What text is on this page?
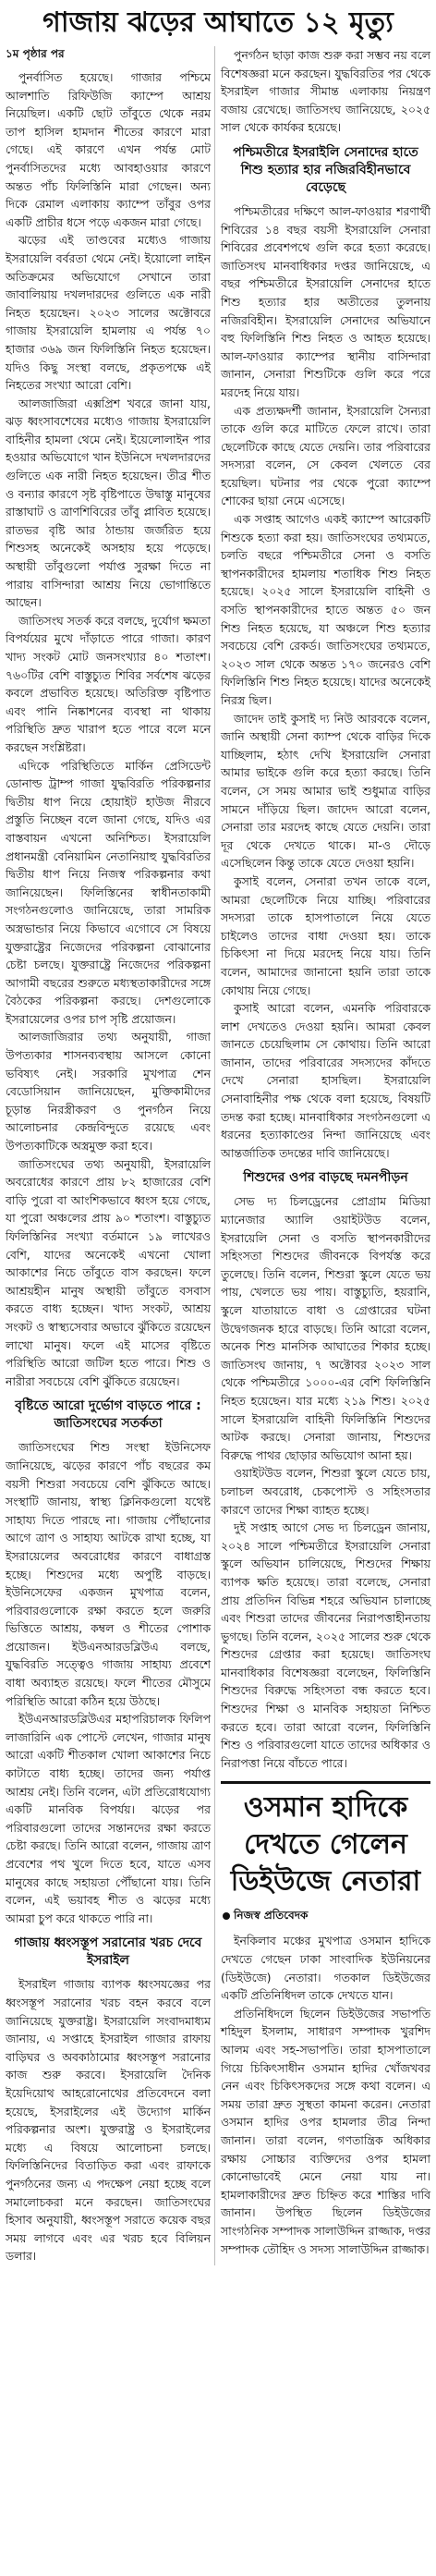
গাজায় ঝড়ের আঘাতে ১২ মৃত্যু
১ম পৃষ্ঠার পর

পুনর্বাসিত হয়েছে। গাজার পশ্চিমে আলশাতি রিফিউজি ক্যাম্পে আশ্রয় নিয়েছিল। একটি ছোট তাঁবুতে থেকে নরম তাপ হাসিল হামদান শীতের কারণে মারা গেছে। এই কারণে এখন পর্যন্ত মোট পুনর্বাসিতদের মধ্যে আবহাওয়ার কারণে অন্তত পাঁচ ফিলিস্তিনি মারা গেছেন। অন্য দিকে রেমাল এলাকায় ক্যাম্পে তাঁবুর ওপর একটি প্রাচীর ধসে পড়ে একজন মারা গেছে।

ঝড়ের এই তাণ্ডবের মধ্যেও গাজায় ইসরায়েলি বর্বরতা থেমে নেই। ইয়োলো লাইন অতিক্রমের অভিযোগে সেখানে তারা জাবালিয়ায় দখলদারদের গুলিতে এক নারী নিহত হয়েছেন। ২০২৩ সালের অক্টোবরে গাজায় ইসরায়েলি হামলায় এ পর্যন্ত ৭০ হাজার ৩৬৯ জন ফিলিস্তিনি নিহত হয়েছেন। যদিও কিছু সংস্থা বলছে, প্রকৃতপক্ষে এই নিহতের সংখ্যা আরো বেশি।

আলজাজিরা এক্সপ্রিশ খবরে জানা যায়, ঝড় ধ্বংসাবশেষের মধ্যেও গাজায় ইসরায়েলি বাহিনীর হামলা থেমে নেই। ইয়েলোলাইন পার হওয়ার অভিযোগে খান ইউনিসে দখলদারদের গুলিতে এক নারী নিহত হয়েছেন। তীব্র শীত ও বন্যার কারণে সৃষ্ট বৃষ্টিপাতে উদ্বাস্তু মানুষের রাস্তাঘাট ও ত্রাণশিবিরের তাঁবু প্লাবিত হয়েছে। রাতভর বৃষ্টি আর ঠান্ডায় জর্জরিত হয়ে শিশুসহ অনেকেই অসহায় হয়ে পড়েছে। অস্থায়ী তাঁবুগুলো পর্যাপ্ত সুরক্ষা দিতে না পারায় বাসিন্দারা আশ্রয় নিয়ে ভোগান্তিতে আছেন।

জাতিসংঘ সতর্ক করে বলছে, দুর্যোগ ক্ষমতা বিপর্যয়ের মুখে দাঁড়াতে পারে গাজা। কারণ খাদ্য সংকট মোট জনসংখ্যার ৪০ শতাংশ। ৭৬০টির বেশি বাস্তুচ্যুত শিবির সর্বশেষ ঝড়ের কবলে প্রভাবিত হয়েছে। অতিরিক্ত বৃষ্টিপাত এবং পানি নিষ্কাশনের ব্যবস্থা না থাকায় পরিস্থিতি দ্রুত খারাপ হতে পারে বলে মনে করছেন সংশ্লিষ্টরা।

এদিকে পরিস্থিতিতে মার্কিন প্রেসিডেন্ট ডোনাল্ড ট্রাম্প গাজা যুদ্ধবিরতি পরিকল্পনার দ্বিতীয় ধাপ নিয়ে হোয়াইট হাউজ নীরবে প্রস্তুতি নিচ্ছেন বলে জানা গেছে, যদিও এর বাস্তবায়ন এখনো অনিশ্চিত। ইসরায়েলি প্রধানমন্ত্রী বেনিয়ামিন নেতানিয়াহু যুদ্ধবিরতির দ্বিতীয় ধাপ নিয়ে নিজস্ব পরিকল্পনার কথা জানিয়েছেন। ফিলিস্তিনের স্বাধীনতাকামী সংগঠনগুলোও জানিয়েছে, তারা সামরিক অস্ত্রভান্ডার নিয়ে কিভাবে এগোবে সে বিষয়ে যুক্তরাষ্ট্রের নিজেদের পরিকল্পনা বোঝানোর চেষ্টা চলছে। যুক্তরাষ্ট্রে নিজেদের পরিকল্পনা আগামী বছরের শুরুতে মধ্যস্থতাকারীদের সঙ্গে বৈঠকের পরিকল্পনা করছে। দেশগুলোকে ইসরায়েলের ওপর চাপ সৃষ্টি প্রয়োজন।

আলজাজিরার তথ্য অনুযায়ী, গাজা উপত্যকার শাসনব্যবস্থায় আসলে কোনো ভবিষ্যৎ নেই। সরকারি মুখপাত্র শেন বেডোসিয়ান জানিয়েছেন, মুক্তিকামীদের চূড়ান্ত নিরস্ত্রীকরণ ও পুনর্গঠন নিয়ে আলোচনার কেন্দ্রবিন্দুতে রয়েছে এবং উপত্যকাটিকে অস্ত্রমুক্ত করা হবে।

জাতিসংঘের তথ্য অনুযায়ী, ইসরায়েলি অবরোধের কারণে প্রায় ৮২ হাজারের বেশি বাড়ি পুরো বা আংশিকভাবে ধ্বংস হয়ে গেছে, যা পুরো অঞ্চলের প্রায় ৯০ শতাংশ। বাস্তুচ্যুত ফিলিস্তিনির সংখ্যা বর্তমানে ১৯ লাখেরও বেশি, যাদের অনেকেই এখনো খোলা আকাশের নিচে তাঁবুতে বাস করছেন। ফলে আশ্রয়হীন মানুষ অস্থায়ী তাঁবুতে বসবাস করতে বাধ্য হচ্ছেন। খাদ্য সংকট, আশ্রয় সংকট ও স্বাস্থ্যসেবার অভাবে ঝুঁকিতে রয়েছেন লাখো মানুষ। ফলে এই মাসের বৃষ্টিতে পরিস্থিতি আরো জটিল হতে পারে। শিশু ও নারীরা সবচেয়ে বেশি ঝুঁকিতে রয়েছেন।

বৃষ্টিতে আরো দুর্ভোগ বাড়তে পারে : জাতিসংঘের সতর্কতা

জাতিসংঘের শিশু সংস্থা ইউনিসেফ জানিয়েছে, ঝড়ের কারণে পাঁচ বছরের কম বয়সী শিশুরা সবচেয়ে বেশি ঝুঁকিতে আছে। সংস্থাটি জানায়, স্বাস্থ্য ক্লিনিকগুলো যথেষ্ট সাহায্য দিতে পারছে না। গাজায় পৌঁছানোর আগে ত্রাণ ও সাহায্য আটকে রাখা হচ্ছে, যা ইসরায়েলের অবরোধের কারণে বাধাগ্রস্ত হচ্ছে। শিশুদের মধ্যে অপুষ্টি বাড়ছে। ইউনিসেফের একজন মুখপাত্র বলেন, পরিবারগুলোকে রক্ষা করতে হলে জরুরি ভিত্তিতে আশ্রয়, কম্বল ও শীতের পোশাক প্রয়োজন। ইউএনআরডব্লিউএ বলছে, যুদ্ধবিরতি সত্ত্বেও গাজায় সাহায্য প্রবেশে বাধা অব্যাহত রয়েছে। ফলে শীতের মৌসুমে পরিস্থিতি আরো কঠিন হয়ে উঠছে।

ইউএনআরডব্লিউএর মহাপরিচালক ফিলিপ লাজারিনি এক পোস্টে লেখেন, গাজার মানুষ আরো একটি শীতকাল খোলা আকাশের নিচে কাটাতে বাধ্য হচ্ছে। তাদের জন্য পর্যাপ্ত আশ্রয় নেই। তিনি বলেন, এটা প্রতিরোধযোগ্য একটি মানবিক বিপর্যয়। ঝড়ের পর পরিবারগুলো তাদের সন্তানদের রক্ষা করতে চেষ্টা করছে। তিনি আরো বলেন, গাজায় ত্রাণ প্রবেশের পথ খুলে দিতে হবে, যাতে এসব মানুষের কাছে সহায়তা পৌঁছানো যায়। তিনি বলেন, এই ভয়াবহ শীত ও ঝড়ের মধ্যে আমরা চুপ করে থাকতে পারি না।

গাজায় ধ্বংসস্তূপ সরানোর খরচ দেবে ইসরাইল

ইসরাইল গাজায় ব্যাপক ধ্বংসযজ্ঞের পর ধ্বংসস্তূপ সরানোর খরচ বহন করবে বলে জানিয়েছে যুক্তরাষ্ট্র। ইসরায়েলি সংবাদমাধ্যম জানায়, এ সপ্তাহে ইসরাইল গাজার রাফায় বাড়িঘর ও অবকাঠামোর ধ্বংসস্তূপ সরানোর কাজ শুরু করবে। ইসরায়েলি দৈনিক ইয়েদিয়োথ আহরোনোথের প্রতিবেদনে বলা হয়েছে, ইসরাইলের এই উদ্যোগ মার্কিন পরিকল্পনার অংশ। যুক্তরাষ্ট্র ও ইসরাইলের মধ্যে এ বিষয়ে আলোচনা চলছে। ফিলিস্তিনিদের বিতাড়িত করা এবং রাফাকে পুনর্গঠনের জন্য এ পদক্ষেপ নেয়া হচ্ছে বলে সমালোচকরা মনে করছেন। জাতিসংঘের হিসাব অনুযায়ী, ধ্বংসস্তূপ সরাতে কয়েক বছর সময় লাগবে এবং এর খরচ হবে বিলিয়ন ডলার।

পুনর্গঠন ছাড়া কাজ শুরু করা সম্ভব নয় বলে বিশেষজ্ঞরা মনে করছেন। যুদ্ধবিরতির পর থেকে ইসরাইল গাজার সীমান্ত এলাকায় নিয়ন্ত্রণ বজায় রেখেছে। জাতিসংঘ জানিয়েছে, ২০২৫ সাল থেকে কার্যকর হয়েছে।

পশ্চিমতীরে ইসরাইলি সেনাদের হাতে শিশু হত্যার হার নজিরবিহীনভাবে বেড়েছে

পশ্চিমতীরের দক্ষিণে আল-ফাওয়ার শরণার্থী শিবিরের ১৪ বছর বয়সী ইসরায়েলি সেনারা শিবিরের প্রবেশপথে গুলি করে হত্যা করেছে। জাতিসংঘ মানবাধিকার দপ্তর জানিয়েছে, এ বছর পশ্চিমতীরে ইসরায়েলি সেনাদের হাতে শিশু হত্যার হার অতীতের তুলনায় নজিরবিহীন। ইসরায়েলি সেনাদের অভিযানে বহু ফিলিস্তিনি শিশু নিহত ও আহত হয়েছে। আল-ফাওয়ার ক্যাম্পের স্থানীয় বাসিন্দারা জানান, সেনারা শিশুটিকে গুলি করে পরে মরদেহ নিয়ে যায়।

এক প্রত্যক্ষদর্শী জানান, ইসরায়েলি সৈন্যরা তাকে গুলি করে মাটিতে ফেলে রাখে। তারা ছেলেটিকে কাছে যেতে দেয়নি। তার পরিবারের সদস্যরা বলেন, সে কেবল খেলতে বের হয়েছিল। ঘটনার পর থেকে পুরো ক্যাম্পে শোকের ছায়া নেমে এসেছে।

এক সপ্তাহ আগেও একই ক্যাম্পে আরেকটি শিশুকে হত্যা করা হয়। জাতিসংঘের তথ্যমতে, চলতি বছরে পশ্চিমতীরে সেনা ও বসতি স্থাপনকারীদের হামলায় শতাধিক শিশু নিহত হয়েছে। ২০২৫ সালে ইসরায়েলি বাহিনী ও বসতি স্থাপনকারীদের হাতে অন্তত ৫০ জন শিশু নিহত হয়েছে, যা অঞ্চলে শিশু হত্যার সবচেয়ে বেশি রেকর্ড। জাতিসংঘের তথ্যমতে, ২০২৩ সাল থেকে অন্তত ১৭০ জনেরও বেশি ফিলিস্তিনি শিশু নিহত হয়েছে। যাদের অনেকেই নিরস্ত্র ছিল।

জাদেদ তাই কুসাই দ্য নিউ আরবকে বলেন, জানি অস্থায়ী সেনা ক্যাম্প থেকে বাড়ির দিকে যাচ্ছিলাম, হঠাৎ দেখি ইসরায়েলি সেনারা আমার ভাইকে গুলি করে হত্যা করছে। তিনি বলেন, সে সময় আমার ভাই শুধুমাত্র বাড়ির সামনে দাঁড়িয়ে ছিল। জাদেদ আরো বলেন, সেনারা তার মরদেহ কাছে যেতে দেয়নি। তারা দূর থেকে দেখতে থাকে। মা-ও দৌড়ে এসেছিলেন কিন্তু তাকে যেতে দেওয়া হয়নি।

কুসাই বলেন, সেনারা তখন তাকে বলে, আমরা ছেলেটিকে নিয়ে যাচ্ছি। পরিবারের সদস্যরা তাকে হাসপাতালে নিয়ে যেতে চাইলেও তাদের বাধা দেওয়া হয়। তাকে চিকিৎসা না দিয়ে মরদেহ নিয়ে যায়। তিনি বলেন, আমাদের জানানো হয়নি তারা তাকে কোথায় নিয়ে গেছে।

কুসাই আরো বলেন, এমনকি পরিবারকে লাশ দেখতেও দেওয়া হয়নি। আমরা কেবল জানতে চেয়েছিলাম সে কোথায়। তিনি আরো জানান, তাদের পরিবারের সদস্যদের কাঁদতে দেখে সেনারা হাসছিল। ইসরায়েলি সেনাবাহিনীর পক্ষ থেকে বলা হয়েছে, বিষয়টি তদন্ত করা হচ্ছে। মানবাধিকার সংগঠনগুলো এ ধরনের হত্যাকাণ্ডের নিন্দা জানিয়েছে এবং আন্তর্জাতিক তদন্তের দাবি জানিয়েছে।

শিশুদের ওপর বাড়ছে দমনপীড়ন

সেভ দ্য চিলড্রেনের প্রোগ্রাম মিডিয়া ম্যানেজার অ্যালি ওয়াইটউড বলেন, ইসরায়েলি সেনা ও বসতি স্থাপনকারীদের সহিংসতা শিশুদের জীবনকে বিপর্যস্ত করে তুলেছে। তিনি বলেন, শিশুরা স্কুলে যেতে ভয় পায়, খেলতে ভয় পায়। বাস্তুচ্যুতি, হয়রানি, স্কুলে যাতায়াতে বাধা ও গ্রেপ্তারের ঘটনা উদ্বেগজনক হারে বাড়ছে। তিনি আরো বলেন, অনেক শিশু মানসিক আঘাতের শিকার হচ্ছে। জাতিসংঘ জানায়, ৭ অক্টোবর ২০২৩ সাল থেকে পশ্চিমতীরে ১০০০-এর বেশি ফিলিস্তিনি নিহত হয়েছেন। যার মধ্যে ২১৯ শিশু। ২০২৫ সালে ইসরায়েলি বাহিনী ফিলিস্তিনি শিশুদের আটক করছে। সেনারা জানায়, শিশুদের বিরুদ্ধে পাথর ছোড়ার অভিযোগ আনা হয়।

ওয়াইটউড বলেন, শিশুরা স্কুলে যেতে চায়, চলাচল অবরোধ, চেকপোস্ট ও সহিংসতার কারণে তাদের শিক্ষা ব্যাহত হচ্ছে।

দুই সপ্তাহ আগে সেভ দ্য চিলড্রেন জানায়, ২০২৪ সালে পশ্চিমতীরে ইসরায়েলি সেনারা স্কুলে অভিযান চালিয়েছে, শিশুদের শিক্ষায় ব্যাপক ক্ষতি হয়েছে। তারা বলেছে, সেনারা প্রায় প্রতিদিন বিভিন্ন শহরে অভিযান চালাচ্ছে এবং শিশুরা তাদের জীবনের নিরাপত্তাহীনতায় ভুগছে। তিনি বলেন, ২০২৫ সালের শুরু থেকে শিশুদের গ্রেপ্তার করা হয়েছে। জাতিসংঘ মানবাধিকার বিশেষজ্ঞরা বলেছেন, ফিলিস্তিনি শিশুদের বিরুদ্ধে সহিংসতা বন্ধ করতে হবে। শিশুদের শিক্ষা ও মানবিক সহায়তা নিশ্চিত করতে হবে। তারা আরো বলেন, ফিলিস্তিনি শিশু ও পরিবারগুলো যাতে তাদের অধিকার ও নিরাপত্তা নিয়ে বাঁচতে পারে।

ওসমান হাদিকে দেখতে গেলেন ডিইউজে নেতারা
নিজস্ব প্রতিবেদক

ইনকিলাব মঞ্চের মুখপাত্র ওসমান হাদিকে দেখতে গেছেন ঢাকা সাংবাদিক ইউনিয়নের (ডিইউজে) নেতারা। গতকাল ডিইউজের একটি প্রতিনিধিদল তাকে দেখতে যান।

প্রতিনিধিদলে ছিলেন ডিইউজের সভাপতি শহিদুল ইসলাম, সাধারণ সম্পাদক খুরশিদ আলম এবং সহ-সভাপতি। তারা হাসপাতালে গিয়ে চিকিৎসাধীন ওসমান হাদির খোঁজখবর নেন এবং চিকিৎসকদের সঙ্গে কথা বলেন। এ সময় তারা দ্রুত সুস্থতা কামনা করেন। নেতারা ওসমান হাদির ওপর হামলার তীব্র নিন্দা জানান। তারা বলেন, গণতান্ত্রিক অধিকার রক্ষায় সোচ্চার ব্যক্তিদের ওপর হামলা কোনোভাবেই মেনে নেয়া যায় না। হামলাকারীদের দ্রুত চিহ্নিত করে শাস্তির দাবি জানান। উপস্থিত ছিলেন ডিইউজের সাংগঠনিক সম্পাদক সালাউদ্দিন রাজ্জাক, দপ্তর সম্পাদক তৌহিদ ও সদস্য সালাউদ্দিন রাজ্জাক।
